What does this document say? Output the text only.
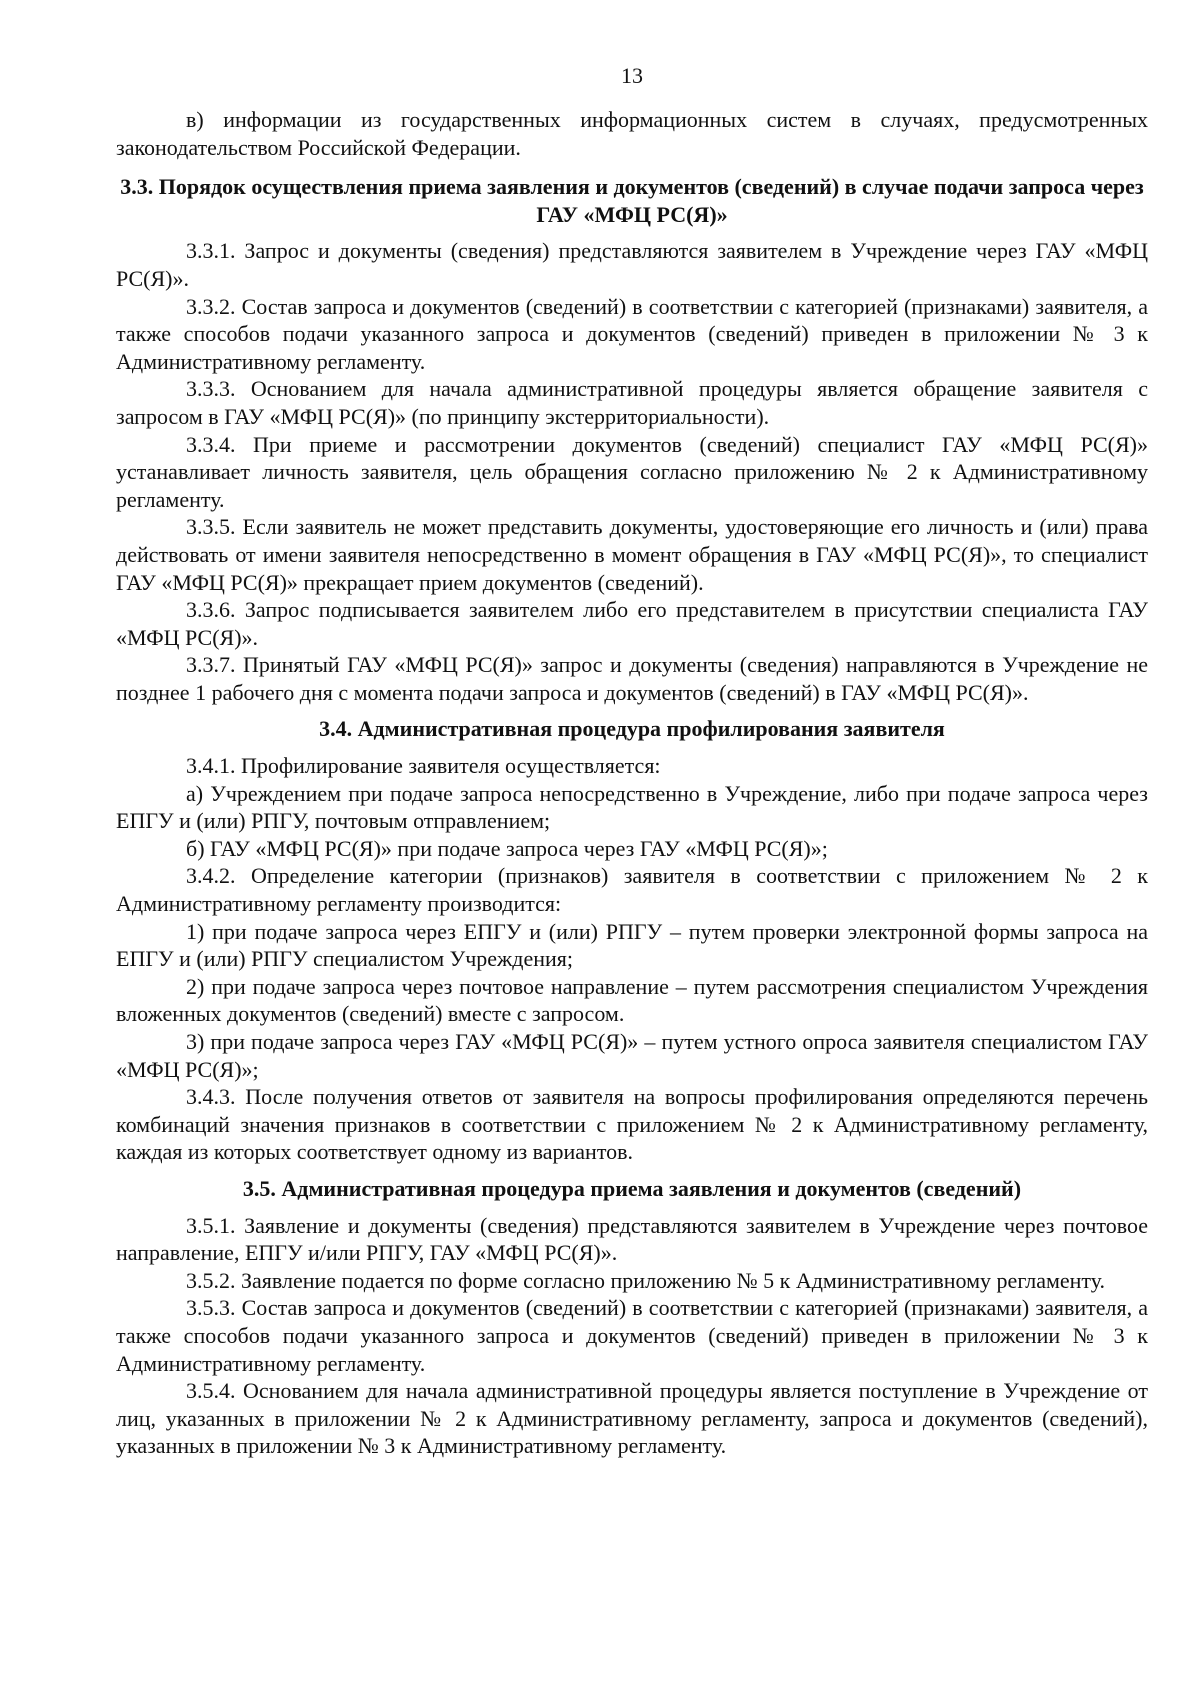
13

в) информации из государственных информационных систем в случаях, предусмотренных законодательством Российской Федерации.

3.3. Порядок осуществления приема заявления и документов (сведений) в случае подачи запроса через ГАУ «МФЦ РС(Я)»

3.3.1. Запрос и документы (сведения) представляются заявителем в Учреждение через ГАУ «МФЦ РС(Я)».

3.3.2. Состав запроса и документов (сведений) в соответствии с категорией (признаками) заявителя, а также способов подачи указанного запроса и документов (сведений) приведен в приложении № 3 к Административному регламенту.

3.3.3. Основанием для начала административной процедуры является обращение заявителя с запросом в ГАУ «МФЦ РС(Я)» (по принципу экстерриториальности).

3.3.4. При приеме и рассмотрении документов (сведений) специалист ГАУ «МФЦ РС(Я)» устанавливает личность заявителя, цель обращения согласно приложению № 2 к Административному регламенту.

3.3.5. Если заявитель не может представить документы, удостоверяющие его личность и (или) права действовать от имени заявителя непосредственно в момент обращения в ГАУ «МФЦ РС(Я)», то специалист ГАУ «МФЦ РС(Я)» прекращает прием документов (сведений).

3.3.6. Запрос подписывается заявителем либо его представителем в присутствии специалиста ГАУ «МФЦ РС(Я)».

3.3.7. Принятый ГАУ «МФЦ РС(Я)» запрос и документы (сведения) направляются в Учреждение не позднее 1 рабочего дня с момента подачи запроса и документов (сведений) в ГАУ «МФЦ РС(Я)».

3.4. Административная процедура профилирования заявителя

3.4.1. Профилирование заявителя осуществляется:

а) Учреждением при подаче запроса непосредственно в Учреждение, либо при подаче запроса через ЕПГУ и (или) РПГУ, почтовым отправлением;

б) ГАУ «МФЦ РС(Я)» при подаче запроса через ГАУ «МФЦ РС(Я)»;

3.4.2. Определение категории (признаков) заявителя в соответствии с приложением № 2 к Административному регламенту производится:

1) при подаче запроса через ЕПГУ и (или) РПГУ – путем проверки электронной формы запроса на ЕПГУ и (или) РПГУ специалистом Учреждения;

2) при подаче запроса через почтовое направление – путем рассмотрения специалистом Учреждения вложенных документов (сведений) вместе с запросом.

3) при подаче запроса через ГАУ «МФЦ РС(Я)» – путем устного опроса заявителя специалистом ГАУ «МФЦ РС(Я)»;

3.4.3. После получения ответов от заявителя на вопросы профилирования определяются перечень комбинаций значения признаков в соответствии с приложением № 2 к Административному регламенту, каждая из которых соответствует одному из вариантов.

3.5. Административная процедура приема заявления и документов (сведений)

3.5.1. Заявление и документы (сведения) представляются заявителем в Учреждение через почтовое направление, ЕПГУ и/или РПГУ, ГАУ «МФЦ РС(Я)».

3.5.2. Заявление подается по форме согласно приложению № 5 к Административному регламенту.

3.5.3. Состав запроса и документов (сведений) в соответствии с категорией (признаками) заявителя, а также способов подачи указанного запроса и документов (сведений) приведен в приложении № 3 к Административному регламенту.

3.5.4. Основанием для начала административной процедуры является поступление в Учреждение от лиц, указанных в приложении № 2 к Административному регламенту, запроса и документов (сведений), указанных в приложении № 3 к Административному регламенту.
